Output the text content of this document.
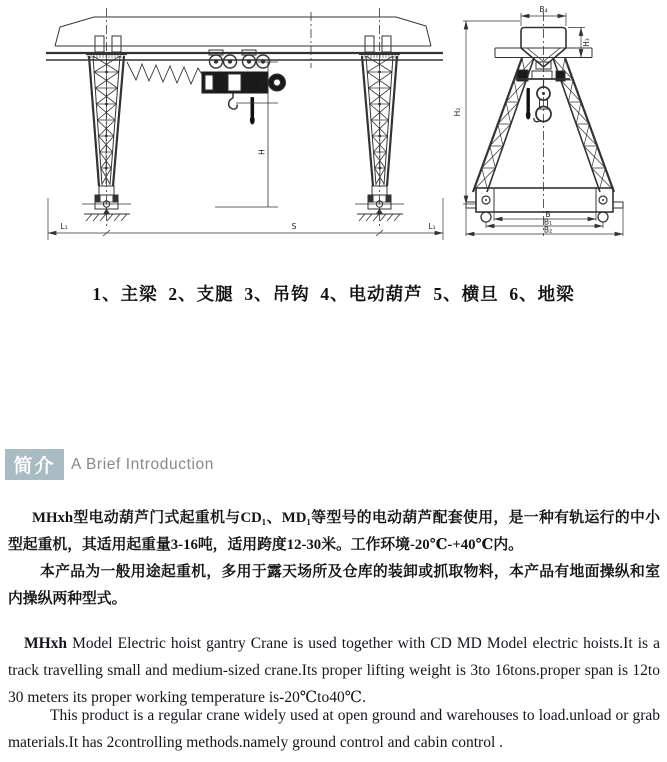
H1
H
L₁	S	L₁
B₄
H₃
H₂
B
B₁
B₂
1、主梁  2、支腿  3、吊钩  4、电动葫芦  5、横旦  6、地梁
简介	A Brief Introduction

MHxh型电动葫芦门式起重机与CD₁、MD₁等型号的电动葫芦配套使用，是一种有轨运行的中小型起重机，其适用起重量3-16吨，适用跨度12-30米。工作环境-20℃-+40℃内。

本产品为一般用途起重机，多用于露天场所及仓库的装卸或抓取物料，本产品有地面操纵和室内操纵两种型式。

MHxh Model Electric hoist gantry Crane is used together with CD MD Model electric hoists.It is a track travelling small and medium-sized crane.Its proper lifting weight is 3to 16tons.proper span is 12to 30 meters its proper working temperature is-20℃to40℃.

This product is a regular crane widely used at open ground and warehouses to load.unload or grab materials.It has 2controlling methods.namely ground control and cabin control .
